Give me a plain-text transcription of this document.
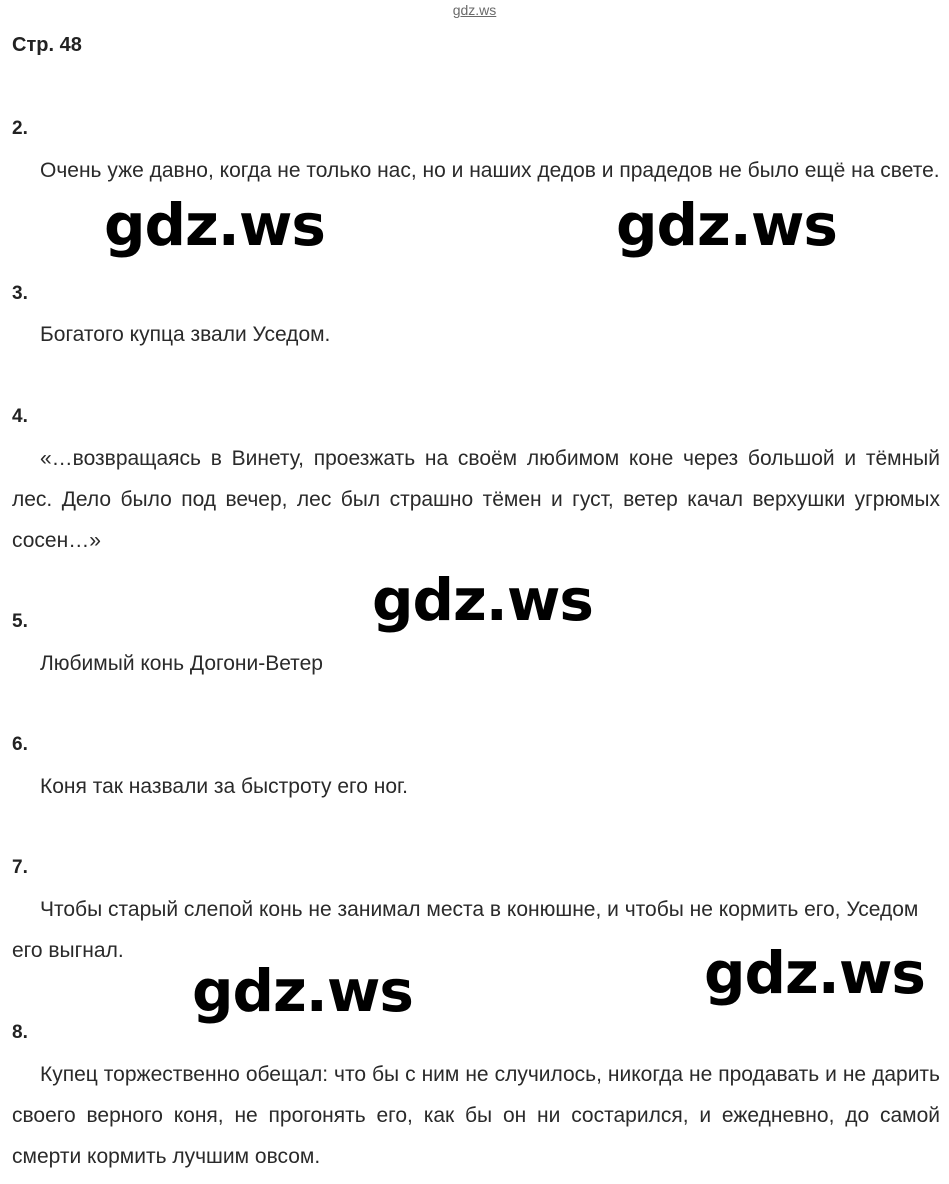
gdz.ws
Стр. 48
2.
Очень уже давно, когда не только нас, но и наших дедов и прадедов не было ещё на свете.
3.
Богатого купца звали Уседом.
4.
«…возвращаясь в Винету, проезжать на своём любимом коне через большой и тёмный лес. Дело было под вечер, лес был страшно тёмен и густ, ветер качал верхушки угрюмых сосен…»
5.
Любимый конь Догони-Ветер
6.
Коня так назвали за быстроту его ног.
7.
Чтобы старый слепой конь не занимал места в конюшне, и чтобы не кормить его, Уседом его выгнал.
8.
Купец торжественно обещал: что бы с ним не случилось, никогда не продавать и не дарить своего верного коня, не прогонять его, как бы он ни состарился, и ежедневно, до самой смерти кормить лучшим овсом.
gdz.ws	gdz.ws
gdz.ws
gdz.ws	gdz.ws
